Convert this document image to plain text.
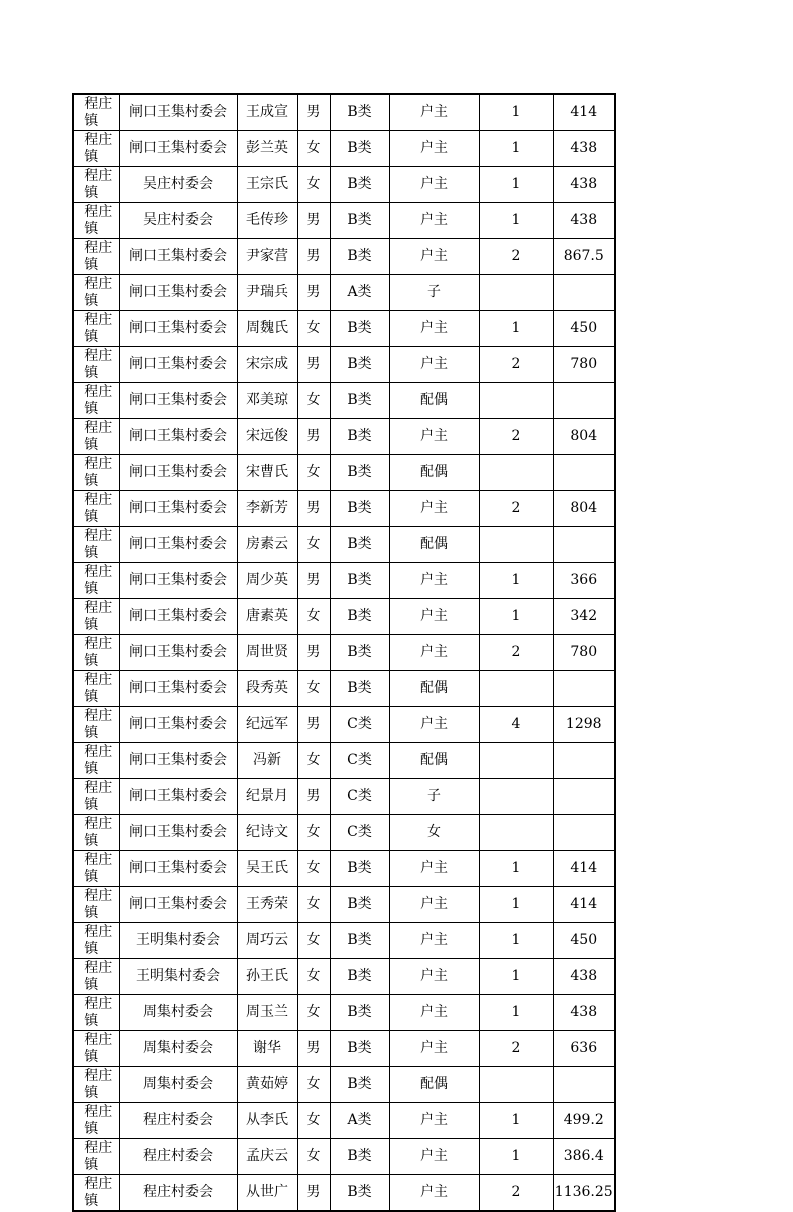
程庄镇	闸口王集村委会	王成宣	男	B类	户主	1	414

程庄镇	闸口王集村委会	彭兰英	女	B类	户主	1	438

程庄镇	吴庄村委会	王宗氏	女	B类	户主	1	438

程庄镇	吴庄村委会	毛传珍	男	B类	户主	1	438

程庄镇	闸口王集村委会	尹家营	男	B类	户主	2	867.5

程庄镇	闸口王集村委会	尹瑞兵	男	A类	子		

程庄镇	闸口王集村委会	周魏氏	女	B类	户主	1	450

程庄镇	闸口王集村委会	宋宗成	男	B类	户主	2	780

程庄镇	闸口王集村委会	邓美琼	女	B类	配偶		

程庄镇	闸口王集村委会	宋远俊	男	B类	户主	2	804

程庄镇	闸口王集村委会	宋曹氏	女	B类	配偶		

程庄镇	闸口王集村委会	李新芳	男	B类	户主	2	804

程庄镇	闸口王集村委会	房素云	女	B类	配偶		

程庄镇	闸口王集村委会	周少英	男	B类	户主	1	366

程庄镇	闸口王集村委会	唐素英	女	B类	户主	1	342

程庄镇	闸口王集村委会	周世贤	男	B类	户主	2	780

程庄镇	闸口王集村委会	段秀英	女	B类	配偶		

程庄镇	闸口王集村委会	纪远军	男	C类	户主	4	1298

程庄镇	闸口王集村委会	冯新	女	C类	配偶		

程庄镇	闸口王集村委会	纪景月	男	C类	子		

程庄镇	闸口王集村委会	纪诗文	女	C类	女		

程庄镇	闸口王集村委会	吴王氏	女	B类	户主	1	414

程庄镇	闸口王集村委会	王秀荣	女	B类	户主	1	414

程庄镇	王明集村委会	周巧云	女	B类	户主	1	450

程庄镇	王明集村委会	孙王氏	女	B类	户主	1	438

程庄镇	周集村委会	周玉兰	女	B类	户主	1	438

程庄镇	周集村委会	谢华	男	B类	户主	2	636

程庄镇	周集村委会	黄茹婷	女	B类	配偶		

程庄镇	程庄村委会	从李氏	女	A类	户主	1	499.2

程庄镇	程庄村委会	孟庆云	女	B类	户主	1	386.4

程庄镇	程庄村委会	从世广	男	B类	户主	2	1136.25
